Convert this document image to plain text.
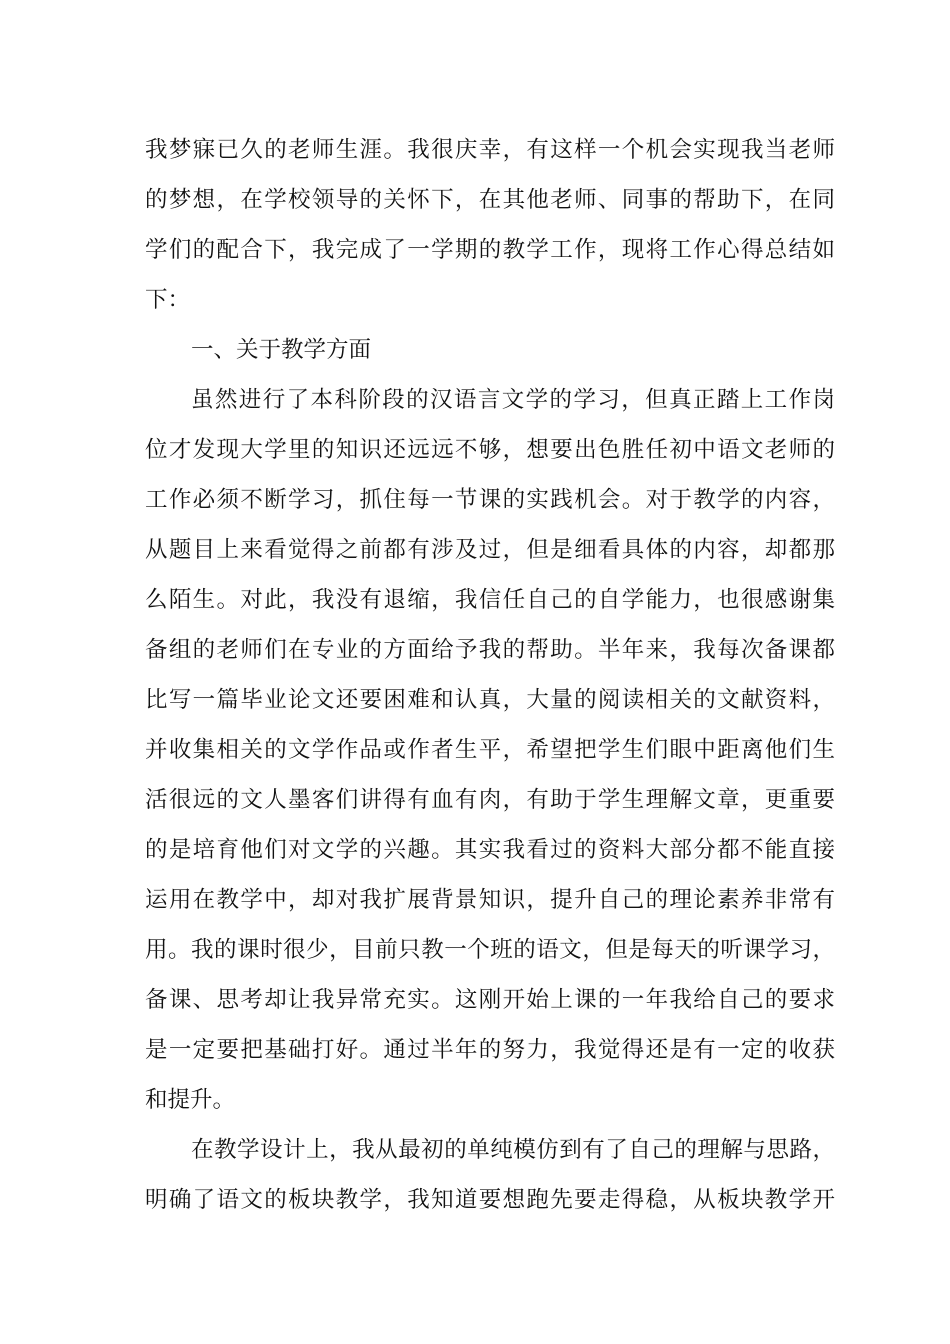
我梦寐已久的老师生涯。我很庆幸，有这样一个机会实现我当老师
的梦想，在学校领导的关怀下，在其他老师、同事的帮助下，在同
学们的配合下，我完成了一学期的教学工作，现将工作心得总结如
下：
一、关于教学方面
虽然进行了本科阶段的汉语言文学的学习，但真正踏上工作岗
位才发现大学里的知识还远远不够，想要出色胜任初中语文老师的
工作必须不断学习，抓住每一节课的实践机会。对于教学的内容，
从题目上来看觉得之前都有涉及过，但是细看具体的内容，却都那
么陌生。对此，我没有退缩，我信任自己的自学能力，也很感谢集
备组的老师们在专业的方面给予我的帮助。半年来，我每次备课都
比写一篇毕业论文还要困难和认真，大量的阅读相关的文献资料，
并收集相关的文学作品或作者生平，希望把学生们眼中距离他们生
活很远的文人墨客们讲得有血有肉，有助于学生理解文章，更重要
的是培育他们对文学的兴趣。其实我看过的资料大部分都不能直接
运用在教学中，却对我扩展背景知识，提升自己的理论素养非常有
用。我的课时很少，目前只教一个班的语文，但是每天的听课学习，
备课、思考却让我异常充实。这刚开始上课的一年我给自己的要求
是一定要把基础打好。通过半年的努力，我觉得还是有一定的收获
和提升。
在教学设计上，我从最初的单纯模仿到有了自己的理解与思路，
明确了语文的板块教学，我知道要想跑先要走得稳，从板块教学开
